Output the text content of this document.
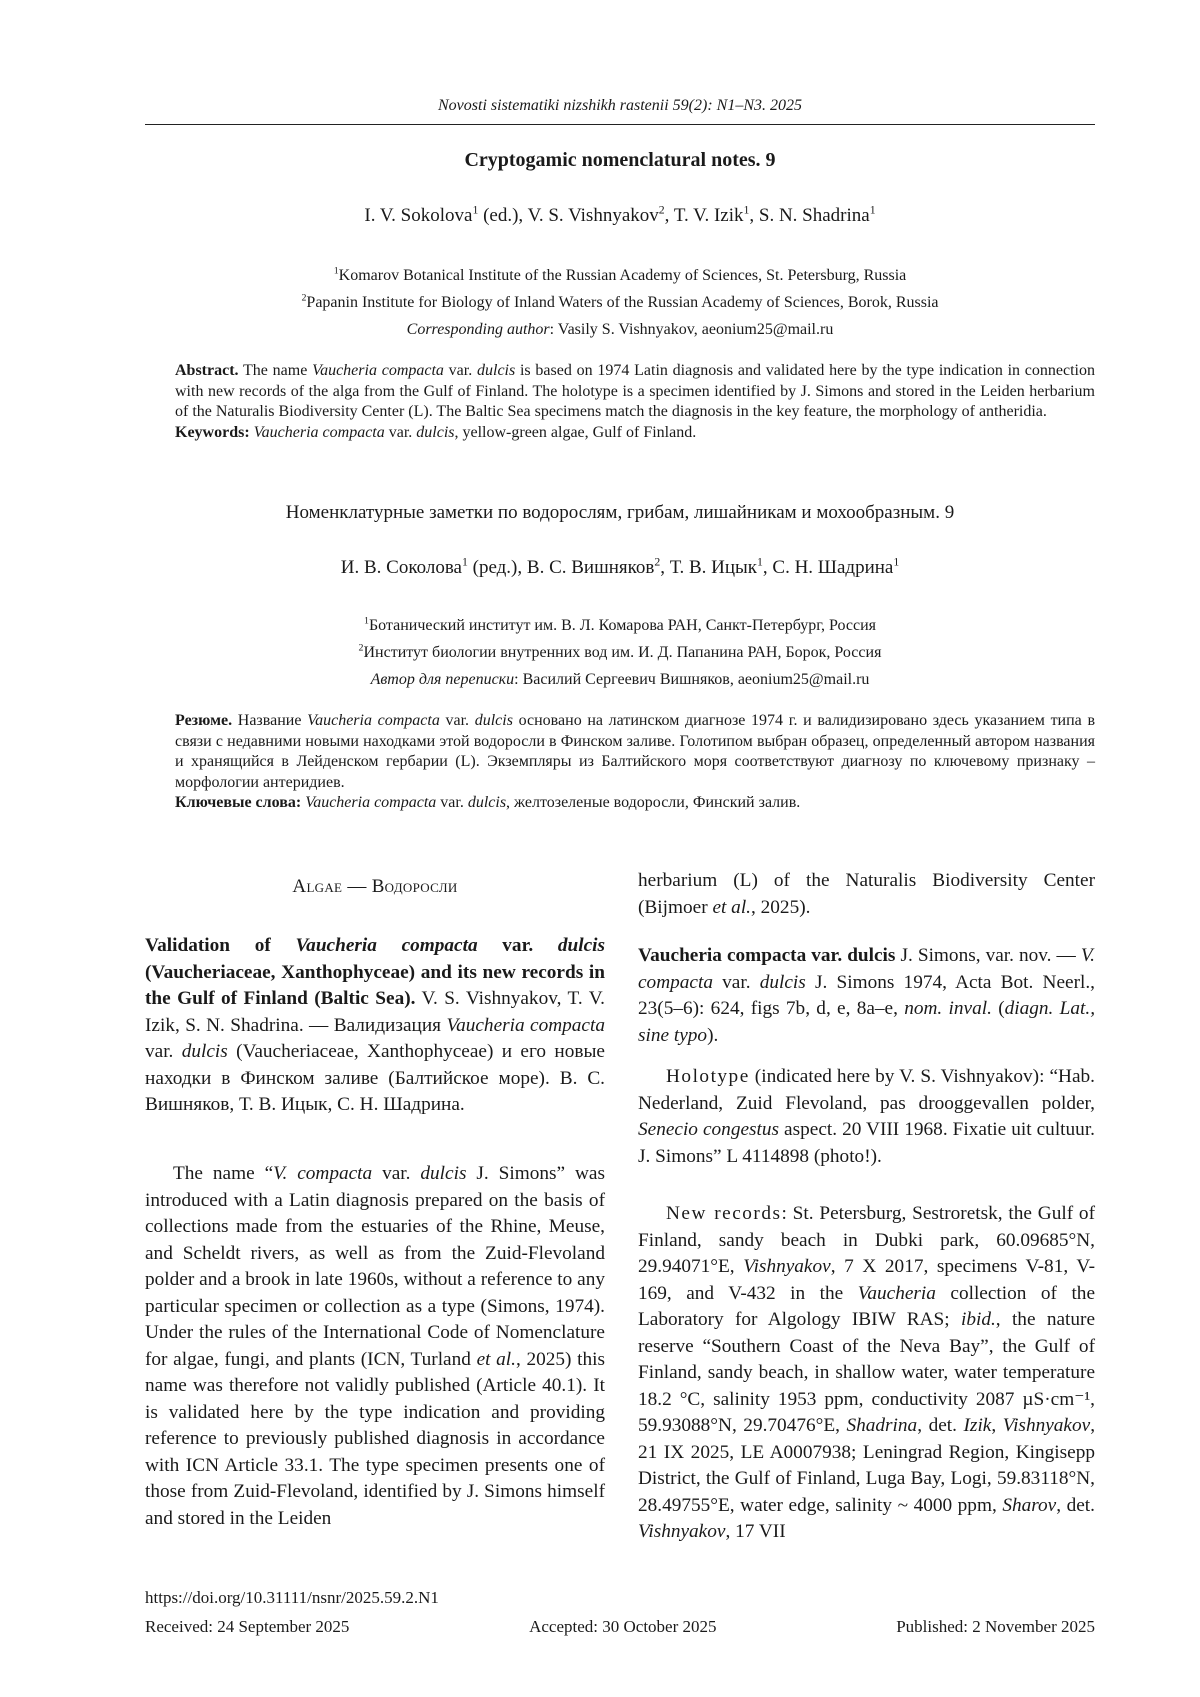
Novosti sistematiki nizshikh rastenii 59(2): N1–N3. 2025
Cryptogamic nomenclatural notes. 9
I. V. Sokolova$^1$ (ed.), V. S. Vishnyakov$^2$, T. V. Izik$^1$, S. N. Shadrina$^1$
$^1$Komarov Botanical Institute of the Russian Academy of Sciences, St. Petersburg, Russia
$^2$Papanin Institute for Biology of Inland Waters of the Russian Academy of Sciences, Borok, Russia
Corresponding author: Vasily S. Vishnyakov, aeonium25@mail.ru
Abstract. The name Vaucheria compacta var. dulcis is based on 1974 Latin diagnosis and validated here by the type indication in connection with new records of the alga from the Gulf of Finland. The holotype is a specimen identified by J. Simons and stored in the Leiden herbarium of the Naturalis Biodiversity Center (L). The Baltic Sea specimens match the diagnosis in the key feature, the morphology of antheridia.
Keywords: Vaucheria compacta var. dulcis, yellow-green algae, Gulf of Finland.
Номенклатурные заметки по водорослям, грибам, лишайникам и мохообразным. 9
И. В. Соколова$^1$ (ред.), В. С. Вишняков$^2$, Т. В. Ицык$^1$, С. Н. Шадрина$^1$
$^1$Ботанический институт им. В. Л. Комарова РАН, Санкт-Петербург, Россия
$^2$Институт биологии внутренних вод им. И. Д. Папанина РАН, Борок, Россия
Автор для переписки: Василий Сергеевич Вишняков, aeonium25@mail.ru
Резюме. Название Vaucheria compacta var. dulcis основано на латинском диагнозе 1974 г. и валидизировано здесь указанием типа в связи с недавними новыми находками этой водоросли в Финском заливе. Голотипом выбран образец, определенный автором названия и хранящийся в Лейденском гербарии (L). Экземпляры из Балтийского моря соответствуют диагнозу по ключевому признаку – морфологии антеридиев.
Ключевые слова: Vaucheria compacta var. dulcis, желтозеленые водоросли, Финский залив.
Algae — Водоросли

Validation of Vaucheria compacta var. dulcis (Vaucheriaceae, Xanthophyceae) and its new records in the Gulf of Finland (Baltic Sea). V. S. Vishnyakov, T. V. Izik, S. N. Shadrina. — Валидизация Vaucheria compacta var. dulcis (Vaucheriaceae, Xanthophyceae) и его новые находки в Финском заливе (Балтийское море). В. С. Вишняков, Т. В. Ицык, С. Н. Шадрина.

The name “V. compacta var. dulcis J. Simons” was introduced with a Latin diagnosis prepared on the basis of collections made from the estuaries of the Rhine, Meuse, and Scheldt rivers, as well as from the Zuid-Flevoland polder and a brook in late 1960s, without a reference to any particular specimen or collection as a type (Simons, 1974). Under the rules of the International Code of Nomenclature for algae, fungi, and plants (ICN, Turland et al., 2025) this name was therefore not validly published (Article 40.1). It is validated here by the type indication and providing reference to previously published diagnosis in accordance with ICN Article 33.1. The type specimen presents one of those from Zuid-Flevoland, identified by J. Simons himself and stored in the Leiden

herbarium (L) of the Naturalis Biodiversity Center (Bijmoer et al., 2025).

Vaucheria compacta var. dulcis J. Simons, var. nov. — V. compacta var. dulcis J. Simons 1974, Acta Bot. Neerl., 23(5–6): 624, figs 7b, d, e, 8a–e, nom. inval. (diagn. Lat., sine typo).

Holotype (indicated here by V. S. Vishnyakov): “Hab. Nederland, Zuid Flevoland, pas drooggevallen polder, Senecio congestus aspect. 20 VIII 1968. Fixatie uit cultuur. J. Simons” L 4114898 (photo!).

New records: St. Petersburg, Sestroretsk, the Gulf of Finland, sandy beach in Dubki park, 60.09685°N, 29.94071°E, Vishnyakov, 7 X 2017, specimens V-81, V-169, and V-432 in the Vaucheria collection of the Laboratory for Algology IBIW RAS; ibid., the nature reserve “Southern Coast of the Neva Bay”, the Gulf of Finland, sandy beach, in shallow water, water temperature 18.2 °C, salinity 1953 ppm, conductivity 2087 µS·cm⁻¹, 59.93088°N, 29.70476°E, Shadrina, det. Izik, Vishnyakov, 21 IX 2025, LE A0007938; Leningrad Region, Kingisepp District, the Gulf of Finland, Luga Bay, Logi, 59.83118°N, 28.49755°E, water edge, salinity ~ 4000 ppm, Sharov, det. Vishnyakov, 17 VII

https://doi.org/10.31111/nsnr/2025.59.2.N1
Received: 24 September 2025	Accepted: 30 October 2025	Published: 2 November 2025
